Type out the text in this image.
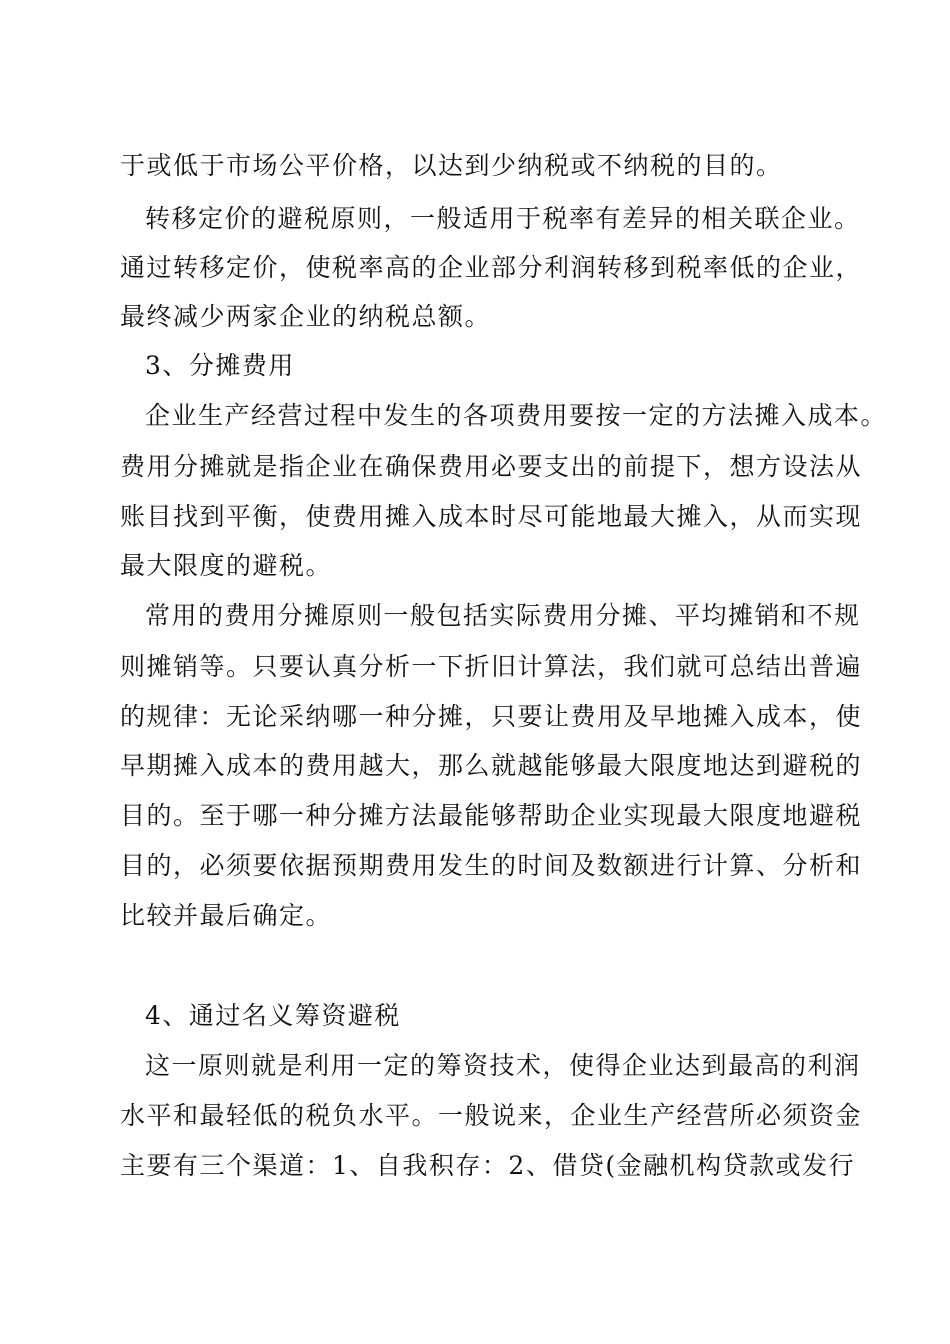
于或低于市场公平价格，以达到少纳税或不纳税的目的。
转移定价的避税原则，一般适用于税率有差异的相关联企业。
通过转移定价，使税率高的企业部分利润转移到税率低的企业，
最终减少两家企业的纳税总额。
3、分摊费用
企业生产经营过程中发生的各项费用要按一定的方法摊入成本。
费用分摊就是指企业在确保费用必要支出的前提下，想方设法从
账目找到平衡，使费用摊入成本时尽可能地最大摊入，从而实现
最大限度的避税。
常用的费用分摊原则一般包括实际费用分摊、平均摊销和不规
则摊销等。只要认真分析一下折旧计算法，我们就可总结出普遍
的规律：无论采纳哪一种分摊，只要让费用及早地摊入成本，使
早期摊入成本的费用越大，那么就越能够最大限度地达到避税的
目的。至于哪一种分摊方法最能够帮助企业实现最大限度地避税
目的，必须要依据预期费用发生的时间及数额进行计算、分析和
比较并最后确定。
4、通过名义筹资避税
这一原则就是利用一定的筹资技术，使得企业达到最高的利润
水平和最轻低的税负水平。一般说来，企业生产经营所必须资金
主要有三个渠道：1、自我积存：2、借贷(金融机构贷款或发行
